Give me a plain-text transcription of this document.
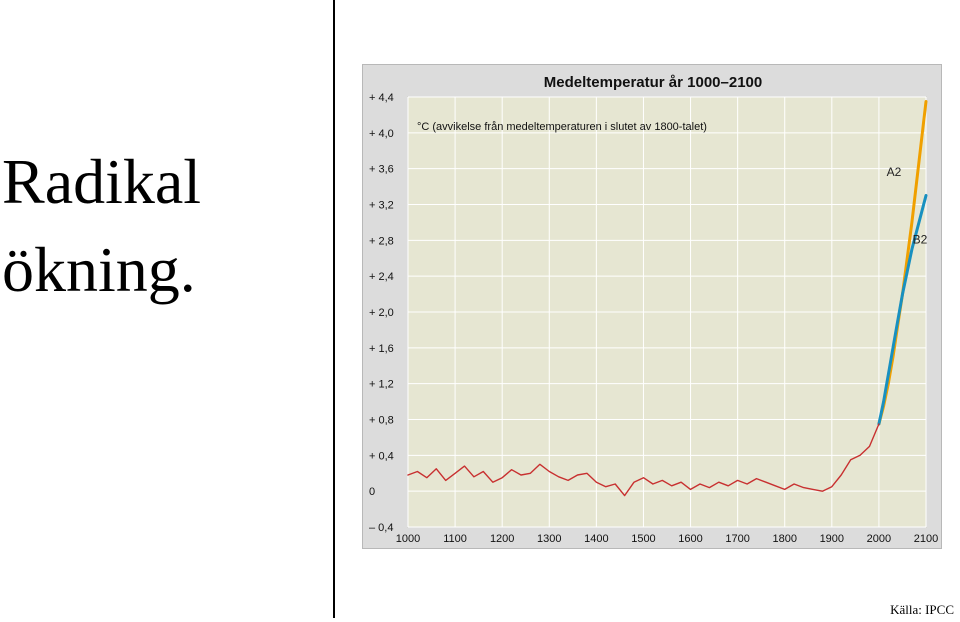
Radikal
ökning.
Medeltemperatur år 1000–2100
+ 4,4
+ 4,0
+ 3,6
+ 3,2
+ 2,8
+ 2,4
+ 2,0
+ 1,6
+ 1,2
+ 0,8
+ 0,4
0
– 0,4
1000 1100 1200 1300 1400 1500 1600 1700 1800 1900 2000 2100
°C (avvikelse från medeltemperaturen i slutet av 1800-talet)
A2
B2
Källa: IPCC
